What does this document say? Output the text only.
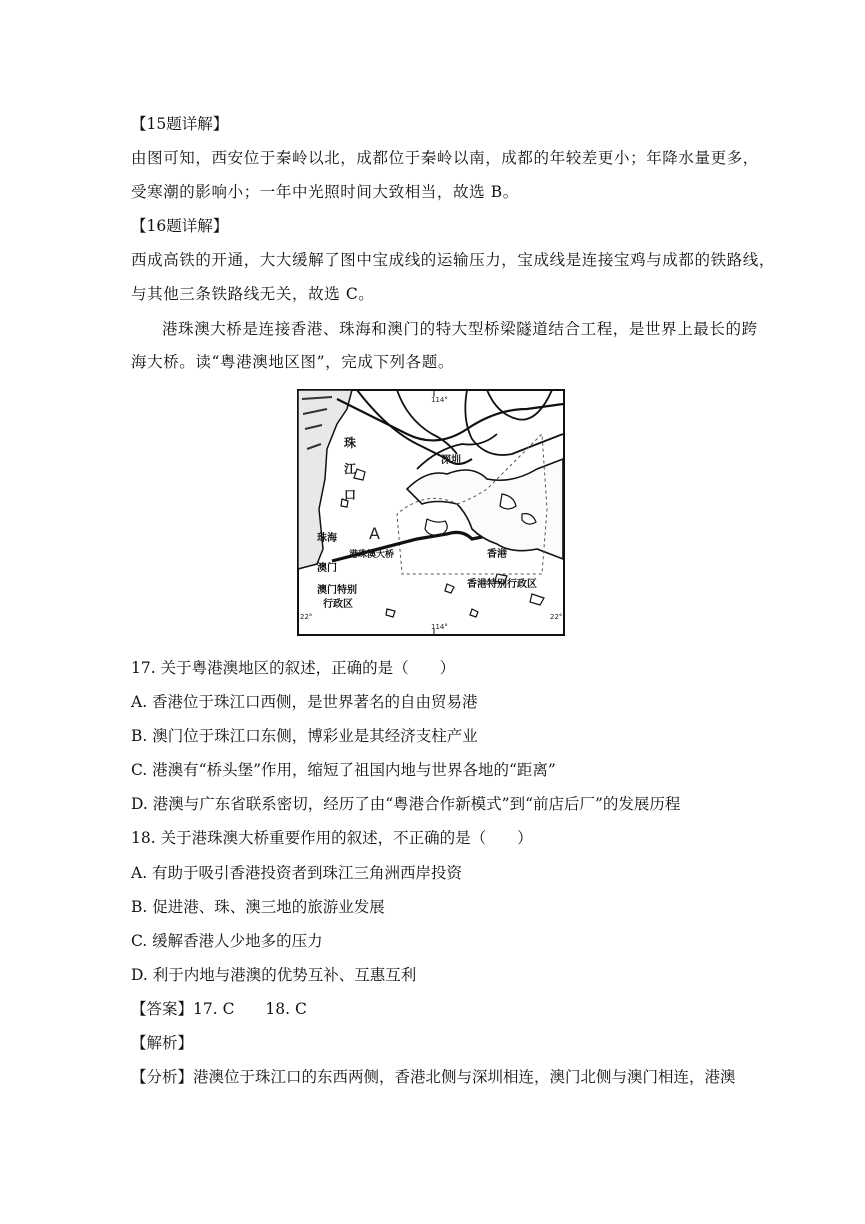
【15题详解】
由图可知，西安位于秦岭以北，成都位于秦岭以南，成都的年较差更小；年降水量更多，
受寒潮的影响小；一年中光照时间大致相当，故选 B。
【16题详解】
西成高铁的开通，大大缓解了图中宝成线的运输压力，宝成线是连接宝鸡与成都的铁路线，
与其他三条铁路线无关，故选 C。
港珠澳大桥是连接香港、珠海和澳门的特大型桥梁隧道结合工程，是世界上最长的跨
海大桥。读“粤港澳地区图”，完成下列各题。
珠
江
口
A
珠海
港珠澳大桥
澳门
澳门特别
行政区
深圳
香港
香港特别行政区
114°
114°
22°	22°
17. 关于粤港澳地区的叙述，正确的是（　　）
A. 香港位于珠江口西侧，是世界著名的自由贸易港
B. 澳门位于珠江口东侧，博彩业是其经济支柱产业
C. 港澳有“桥头堡”作用，缩短了祖国内地与世界各地的“距离”
D. 港澳与广东省联系密切，经历了由“粤港合作新模式”到“前店后厂”的发展历程
18. 关于港珠澳大桥重要作用的叙述，不正确的是（　　）
A. 有助于吸引香港投资者到珠江三角洲西岸投资
B. 促进港、珠、澳三地的旅游业发展
C. 缓解香港人少地多的压力
D. 利于内地与港澳的优势互补、互惠互利
【答案】17. C　　18. C
【解析】
【分析】港澳位于珠江口的东西两侧，香港北侧与深圳相连，澳门北侧与澳门相连，港澳
